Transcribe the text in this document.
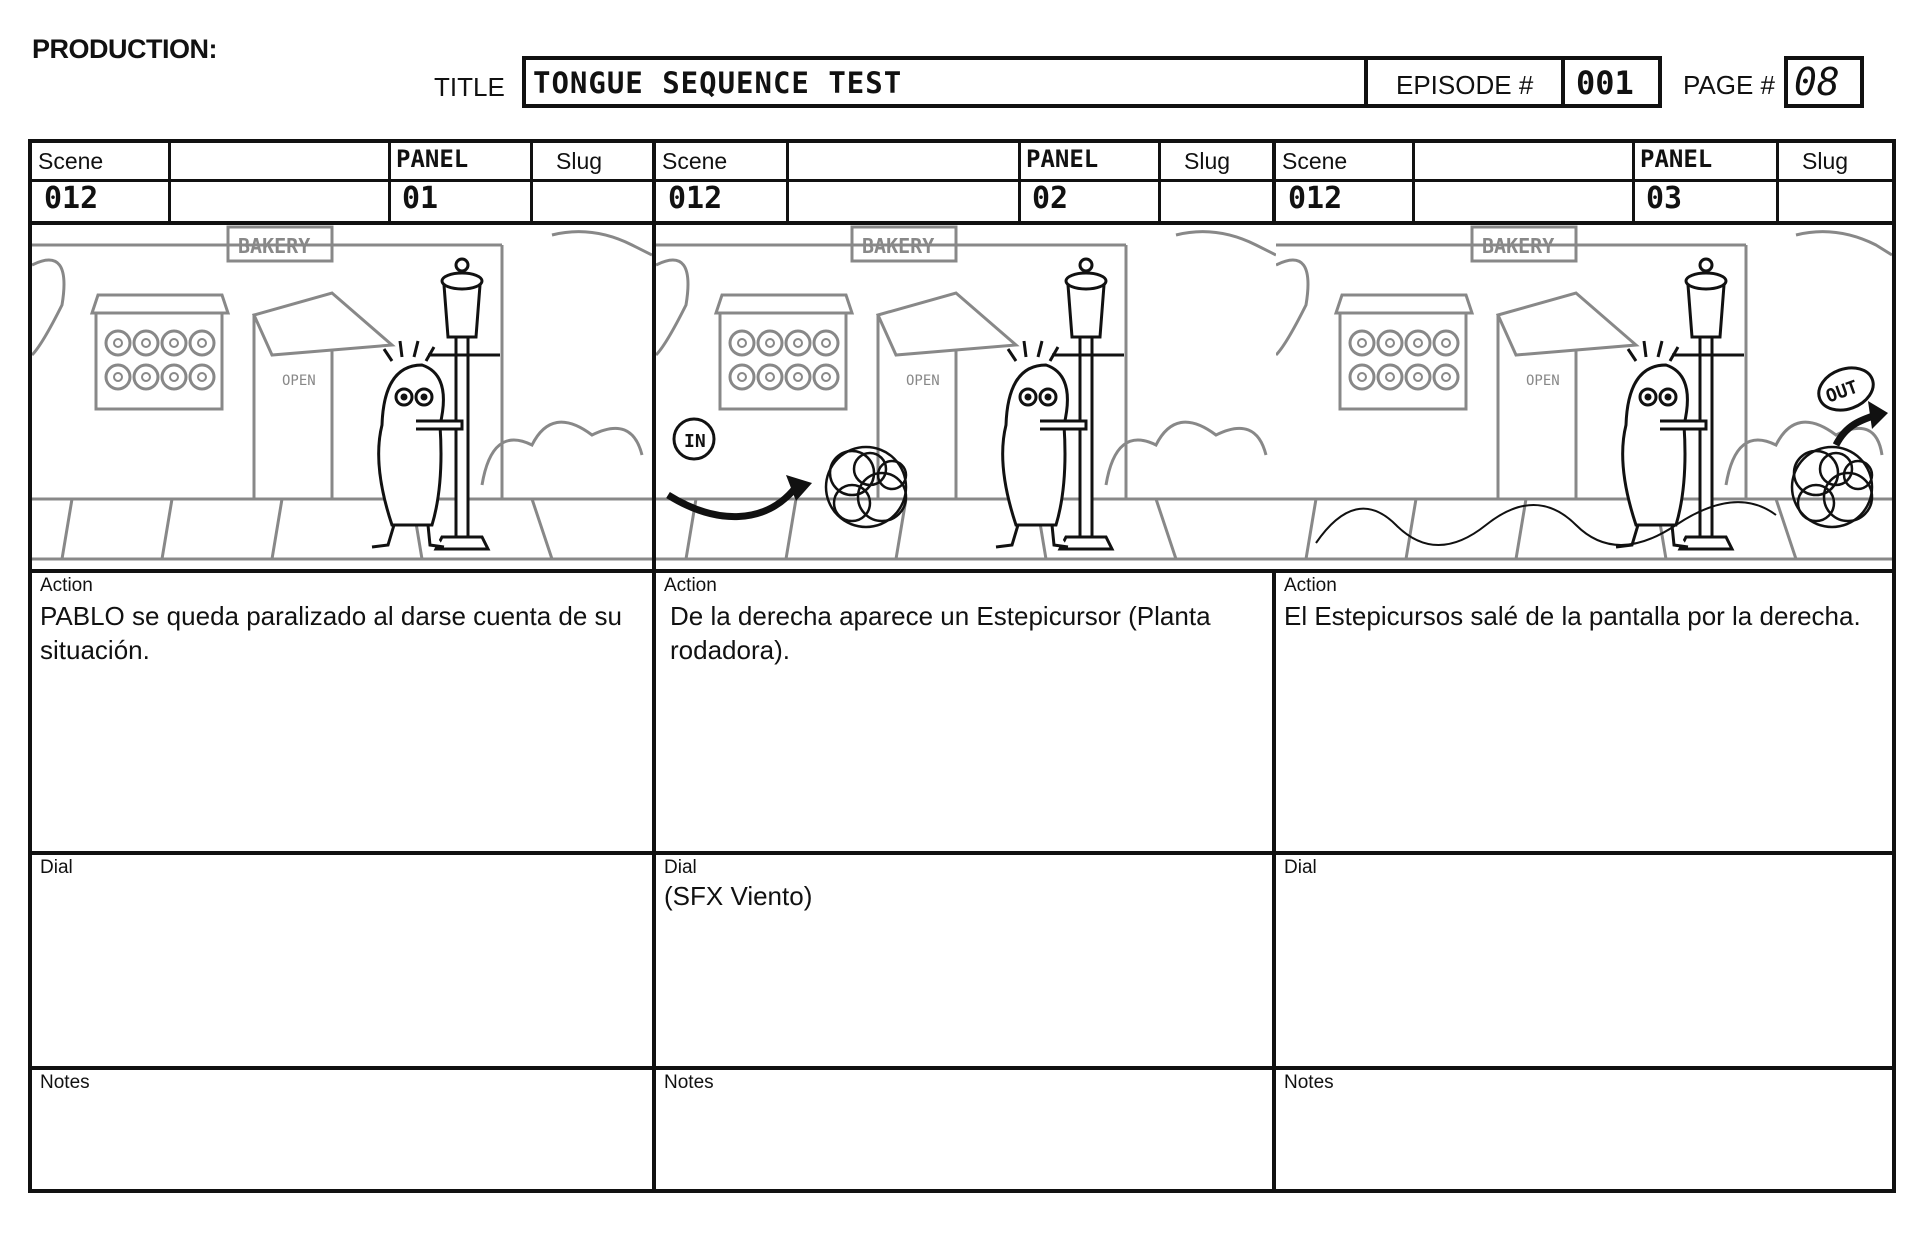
PRODUCTION:
TITLE TONGUE SEQUENCE TEST	EPISODE # 001 PAGE # 08
Scene	PANEL	Slug
012	01
BAKERY
OPEN
Action
PABLO se queda paralizado al darse cuenta de su situación.
Dial
Notes
Scene	PANEL	Slug
012	02
BAKERY
OPEN
IN
Action
De la derecha aparece un Estepicursor (Planta rodadora).
Dial
(SFX Viento)
Notes
Scene	PANEL	Slug
012	03
BAKERY
OPEN	OUT
Action
El Estepicursos salé de la pantalla por la derecha.
Dial
Notes
